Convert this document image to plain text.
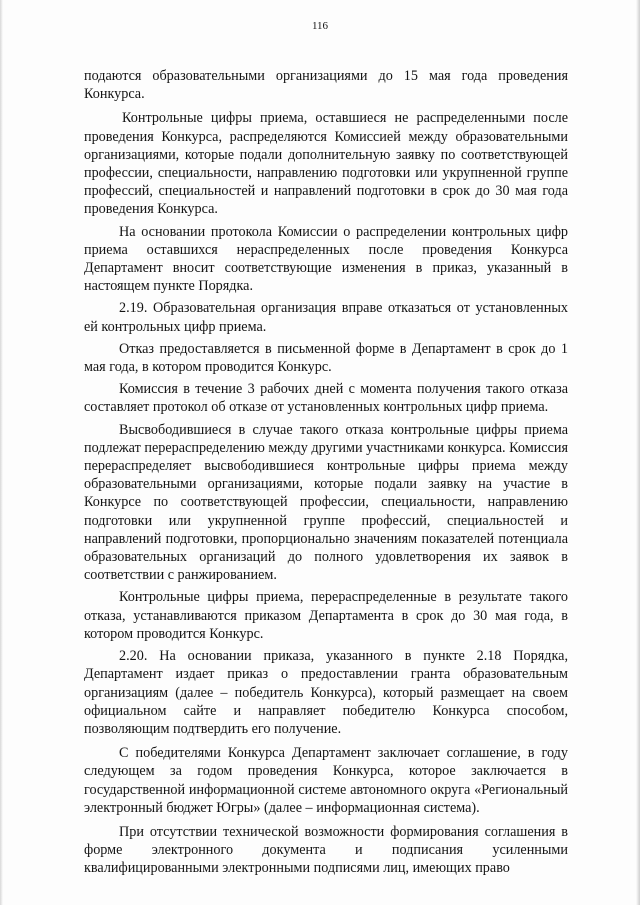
116

подаются образовательными организациями до 15 мая года проведения Конкурса.

Контрольные цифры приема, оставшиеся не распределенными после проведения Конкурса, распределяются Комиссией между образовательными организациями, которые подали дополнительную заявку по соответствующей профессии, специальности, направлению подготовки или укрупненной группе профессий, специальностей и направлений подготовки в срок до 30 мая года проведения Конкурса.

На основании протокола Комиссии о распределении контрольных цифр приема оставшихся нераспределенных после проведения Конкурса Департамент вносит соответствующие изменения в приказ, указанный в настоящем пункте Порядка.

2.19. Образовательная организация вправе отказаться от установленных ей контрольных цифр приема.

Отказ предоставляется в письменной форме в Департамент в срок до 1 мая года, в котором проводится Конкурс.

Комиссия в течение 3 рабочих дней с момента получения такого отказа составляет протокол об отказе от установленных контрольных цифр приема.

Высвободившиеся в случае такого отказа контрольные цифры приема подлежат перераспределению между другими участниками конкурса. Комиссия перераспределяет высвободившиеся контрольные цифры приема между образовательными организациями, которые подали заявку на участие в Конкурсе по соответствующей профессии, специальности, направлению подготовки или укрупненной группе профессий, специальностей и направлений подготовки, пропорционально значениям показателей потенциала образовательных организаций до полного удовлетворения их заявок в соответствии с ранжированием.

Контрольные цифры приема, перераспределенные в результате такого отказа, устанавливаются приказом Департамента в срок до 30 мая года, в котором проводится Конкурс.

2.20. На основании приказа, указанного в пункте 2.18 Порядка, Департамент издает приказ о предоставлении гранта образовательным организациям (далее – победитель Конкурса), который размещает на своем официальном сайте и направляет победителю Конкурса способом, позволяющим подтвердить его получение.

С победителями Конкурса Департамент заключает соглашение, в году следующем за годом проведения Конкурса, которое заключается в государственной информационной системе автономного округа «Региональный электронный бюджет Югры» (далее – информационная система).

При отсутствии технической возможности формирования соглашения в форме электронного документа и подписания усиленными квалифицированными электронными подписями лиц, имеющих право
